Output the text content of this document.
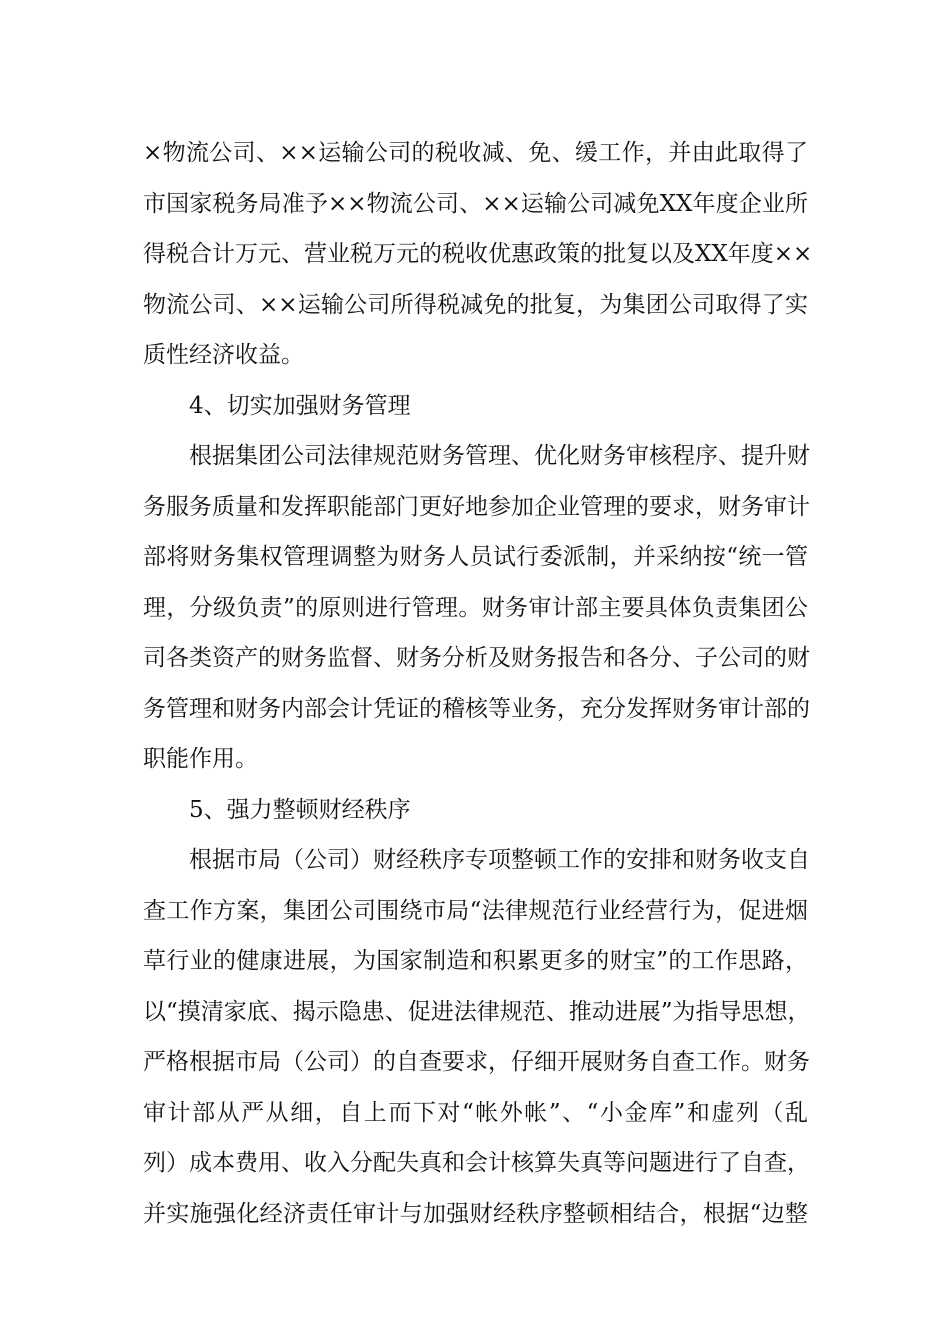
×物流公司、××运输公司的税收减、免、缓工作，并由此取得了
市国家税务局准予××物流公司、××运输公司减免XX年度企业所
得税合计万元、营业税万元的税收优惠政策的批复以及XX年度××
物流公司、××运输公司所得税减免的批复，为集团公司取得了实
质性经济收益。
4、切实加强财务管理
根据集团公司法律规范财务管理、优化财务审核程序、提升财
务服务质量和发挥职能部门更好地参加企业管理的要求，财务审计
部将财务集权管理调整为财务人员试行委派制，并采纳按“统一管
理，分级负责”的原则进行管理。财务审计部主要具体负责集团公
司各类资产的财务监督、财务分析及财务报告和各分、子公司的财
务管理和财务内部会计凭证的稽核等业务，充分发挥财务审计部的
职能作用。
5、强力整顿财经秩序
根据市局（公司）财经秩序专项整顿工作的安排和财务收支自
查工作方案，集团公司围绕市局“法律规范行业经营行为，促进烟
草行业的健康进展，为国家制造和积累更多的财宝”的工作思路，
以“摸清家底、揭示隐患、促进法律规范、推动进展”为指导思想，
严格根据市局（公司）的自查要求，仔细开展财务自查工作。财务
审计部从严从细，自上而下对“帐外帐”、“小金库”和虚列（乱
列）成本费用、收入分配失真和会计核算失真等问题进行了自查，
并实施强化经济责任审计与加强财经秩序整顿相结合，根据“边整
